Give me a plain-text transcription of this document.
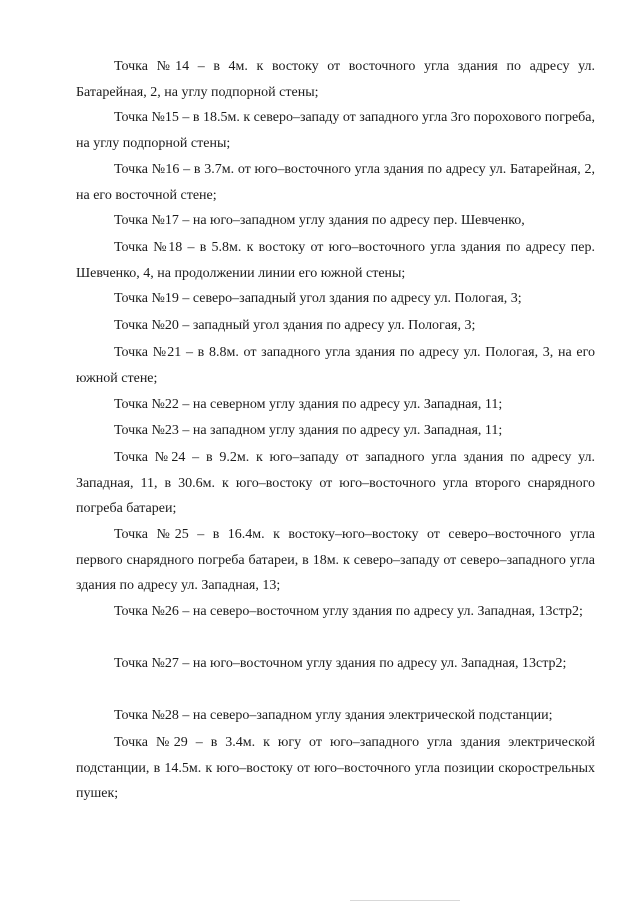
Точка №14 – в 4м. к востоку от восточного угла здания по адресу ул. Батарейная, 2, на углу подпорной стены;

Точка №15 – в 18.5м. к северо–западу от западного угла 3го порохового погреба, на углу подпорной стены;

Точка №16 – в 3.7м. от юго–восточного угла здания по адресу ул. Батарейная, 2, на его восточной стене;

Точка №17 – на юго–западном углу здания по адресу пер. Шевченко,

Точка №18 – в 5.8м. к востоку от юго–восточного угла здания по адресу пер. Шевченко, 4, на продолжении линии его южной стены;

Точка №19 – северо–западный угол здания по адресу ул. Пологая, 3;

Точка №20 – западный угол здания по адресу ул. Пологая, 3;

Точка №21 – в 8.8м. от западного угла здания по адресу ул. Пологая, 3, на его южной стене;

Точка №22 – на северном углу здания по адресу ул. Западная, 11;

Точка №23 – на западном углу здания по адресу ул. Западная, 11;

Точка №24 – в 9.2м. к юго–западу от западного угла здания по адресу ул. Западная, 11, в 30.6м. к юго–востоку от юго–восточного угла второго снарядного погреба батареи;

Точка №25 – в 16.4м. к востоку–юго–востоку от северо–восточного угла первого снарядного погреба батареи, в 18м. к северо–западу от северо–западного угла здания по адресу ул. Западная, 13;

Точка №26 – на северо–восточном углу здания по адресу ул. Западная, 13стр2;

Точка №27 – на юго–восточном углу здания по адресу ул. Западная, 13стр2;

Точка №28 – на северо–западном углу здания электрической подстанции;

Точка №29 – в 3.4м. к югу от юго–западного угла здания электрической подстанции, в 14.5м. к юго–востоку от юго–восточного угла позиции скорострельных пушек;
